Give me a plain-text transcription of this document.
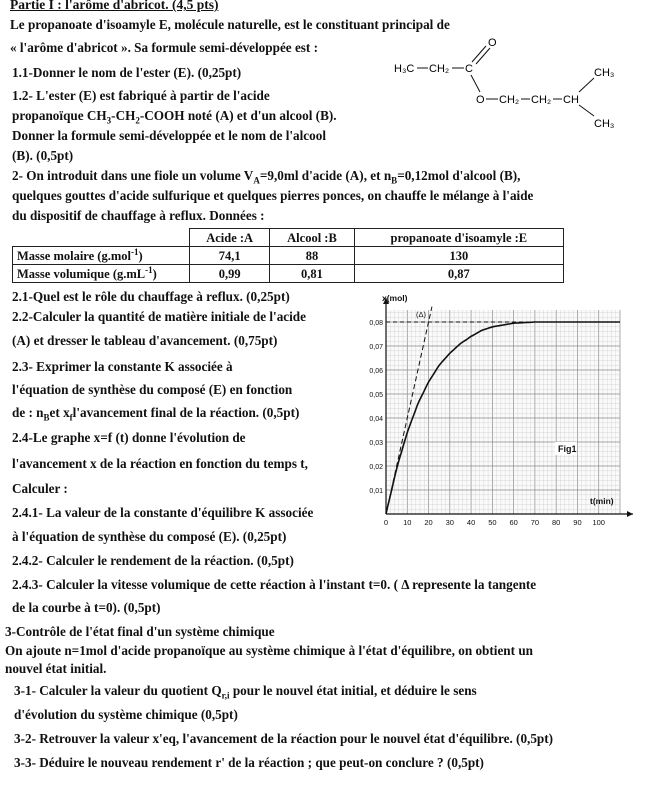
Partie I : l'arôme d'abricot. (4,5 pts)
Le propanoate d'isoamyle E, molécule naturelle, est le constituant principal de
« l'arôme d'abricot ». Sa formule semi-développée est :
1.1-Donner le nom de l'ester (E). (0,25pt)
1.2- L'ester (E) est fabriqué à partir de l'acide
propanoïque $CH_3-CH_2$-COOH noté (A) et d'un alcool (B).
Donner la formule semi-développée et le nom de l'alcool
(B). (0,5pt)
H₃C CH₂ C
O
O CH₂ CH₂ CH
CH₃
CH₃
2- On introduit dans une fiole un volume $V_A=9,0ml$ d'acide (A), et $n_B=0,12mol$ d'alcool (B),
quelques gouttes d'acide sulfurique et quelques pierres ponces, on chauffe le mélange à l'aide
du dispositif de chauffage à reflux. Données :
	Acide :A	Alcool :B	propanoate d'isoamyle :E
Masse molaire (g.mol$^{-1}$)	74,1	88	130
Masse volumique $(g.mL^{-1})$	0,99	0,81	0,87
2.1-Quel est le rôle du chauffage à reflux. (0,25pt)
2.2-Calculer la quantité de matière initiale de l'acide
(A) et dresser le tableau d'avancement. (0,75pt)
2.3- Exprimer la constante K associée à
l'équation de synthèse du composé (E) en fonction
de : $n_Bet$ $x_fl'avancement$ final de la réaction. (0,5pt)
2.4-Le graphe x=f (t) donne l'évolution de
l'avancement x de la réaction en fonction du temps t,
Calculer :
2.4.1- La valeur de la constante d'équilibre K associée
à l'équation de synthèse du composé (E). (0,25pt)
2.4.2- Calculer le rendement de la réaction. (0,5pt)
2.4.3- Calculer la vitesse volumique de cette réaction à l'instant t=0. ( Δ represente la tangente
de la courbe à t=0). (0,5pt)
3-Contrôle de l'état final d'un système chimique
On ajoute n=1mol d'acide propanoïque au système chimique à l'état d'équilibre, on obtient un
nouvel état initial.
3-1- Calculer la valeur du quotient $Q_{r,i}$ pour le nouvel état initial, et déduire le sens
d'évolution du système chimique (0,5pt)
3-2- Retrouver la valeur x'eq, l'avancement de la réaction pour le nouvel état d'équilibre. (0,5pt)
3-3- Déduire le nouveau rendement r' de la réaction ; que peut-on conclure ? (0,5pt)
0 10 20 30 40 50 60 70 80 90 100
0,01
0,02
0,03
0,04
0,05
0,06
0,07
0,08
x(mol)
t(min)
(Δ)
Fig1
